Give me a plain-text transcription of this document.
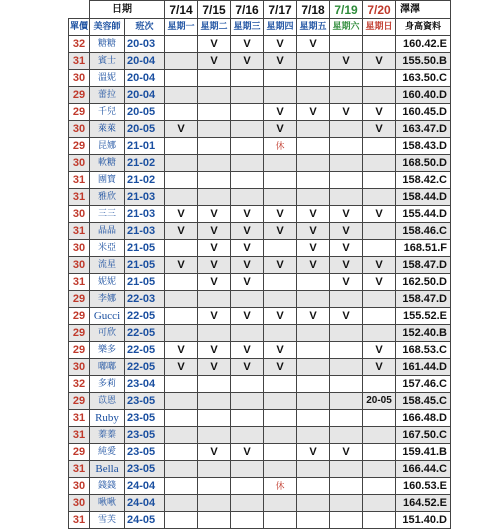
	日期		7/14	7/15	7/16	7/17	7/18	7/19	7/20	澤澤
單價	美容師	班次	星期一	星期二	星期三	星期四	星期五	星期六	星期日	身高資料
32	糖糖	20-03		V	V	V	V			160.42.E
31	賓士	20-04		V	V	V		V	V	155.50.B
30	溫妮	20-04								163.50.C
29	蕾拉	20-04								160.40.D
29	千兒	20-05				V	V	V	V	160.45.D
30	萊萊	20-05	V			V			V	163.47.D
29	昆娜	21-01				休				158.43.D
30	軟糖	21-02								168.50.D
31	團寶	21-02								158.42.C
31	雅欣	21-03								158.44.D
30	三三	21-03	V	V	V	V	V	V	V	155.44.D
31	晶晶	21-03	V	V	V	V	V	V		158.46.C
30	米亞	21-05		V	V		V	V		168.51.F
30	流星	21-05	V	V	V	V	V	V	V	158.47.D
31	妮妮	21-05		V	V			V	V	162.50.D
29	李娜	22-03								158.47.D
29	Gucci	22-05		V	V	V	V	V		155.52.E
29	可欣	22-05								152.40.B
29	樂多	22-05	V	V	V	V			V	168.53.C
30	嘟嘟	22-05	V	V	V	V			V	161.44.D
32	多莉	23-04								157.46.C
29	苡恩	23-05							20-05	158.45.C
31	Ruby	23-05								166.48.D
31	蓁蓁	23-05								167.50.C
29	純愛	23-05		V	V		V	V		159.41.B
31	Bella	23-05								166.44.C
30	錢錢	24-04				休				160.53.E
30	啾啾	24-04								164.52.E
31	雪芙	24-05								151.40.D
